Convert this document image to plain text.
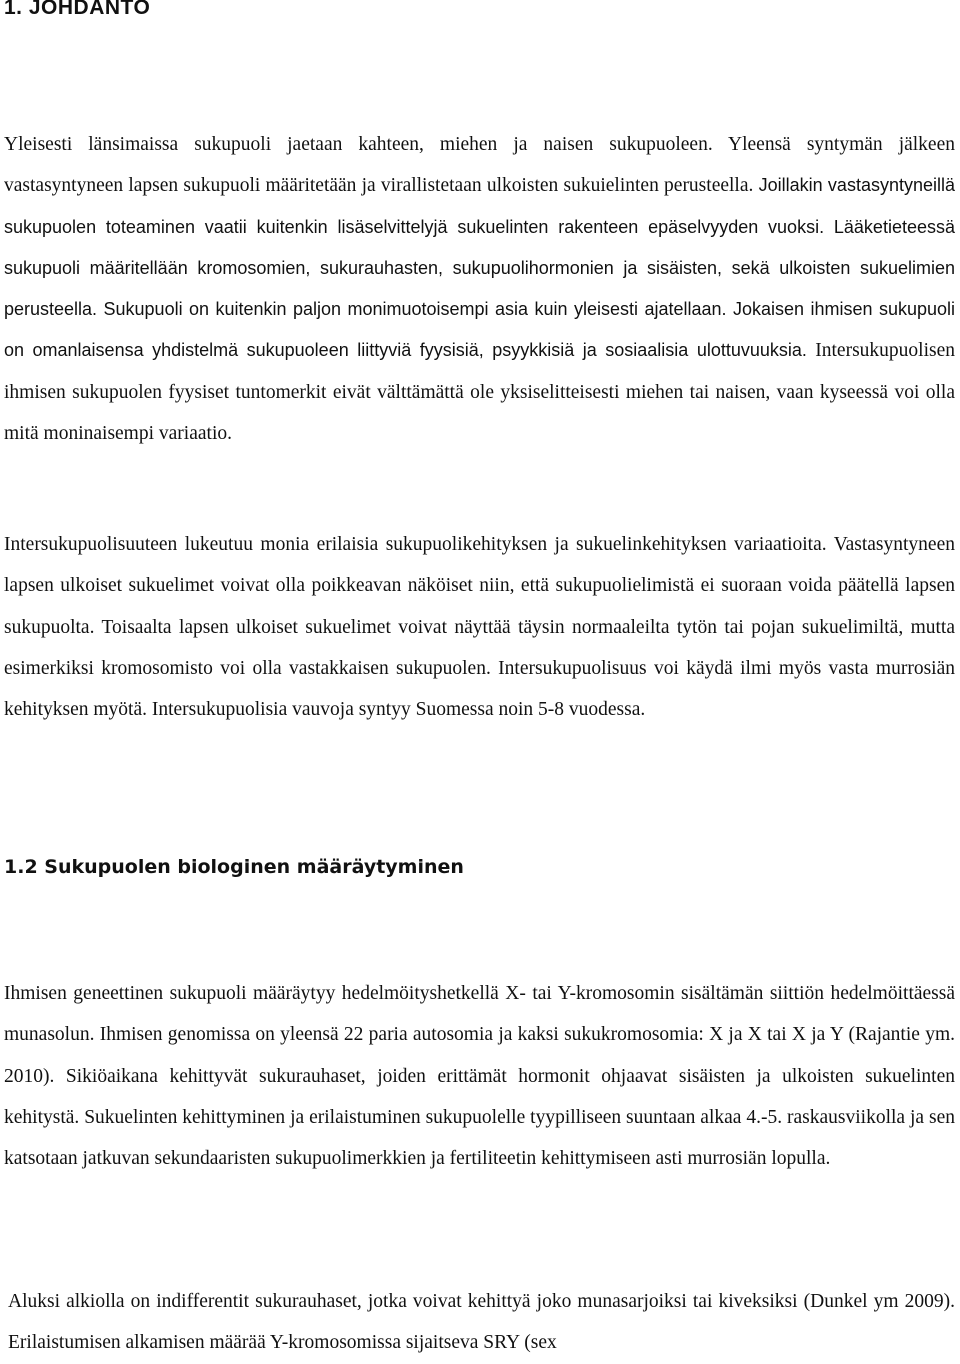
1. JOHDANTO

Yleisesti länsimaissa sukupuoli jaetaan kahteen, miehen ja naisen sukupuoleen. Yleensä syntymän jälkeen vastasyntyneen lapsen sukupuoli määritetään ja virallistetaan ulkoisten sukuielinten perusteella. Joillakin vastasyntyneillä sukupuolen toteaminen vaatii kuitenkin lisäselvittelyjä sukuelinten rakenteen epäselvyyden vuoksi. Lääketieteessä sukupuoli määritellään kromosomien, sukurauhasten, sukupuolihormonien ja sisäisten, sekä ulkoisten sukuelimien perusteella. Sukupuoli on kuitenkin paljon monimuotoisempi asia kuin yleisesti ajatellaan. Jokaisen ihmisen sukupuoli on omanlaisensa yhdistelmä sukupuoleen liittyviä fyysisiä, psyykkisiä ja sosiaalisia ulottuvuuksia. Intersukupuolisen ihmisen sukupuolen fyysiset tuntomerkit eivät välttämättä ole yksiselitteisesti miehen tai naisen, vaan kyseessä voi olla mitä moninaisempi variaatio.

Intersukupuolisuuteen lukeutuu monia erilaisia sukupuolikehityksen ja sukuelinkehityksen variaatioita. Vastasyntyneen lapsen ulkoiset sukuelimet voivat olla poikkeavan näköiset niin, että sukupuolielimistä ei suoraan voida päätellä lapsen sukupuolta. Toisaalta lapsen ulkoiset sukuelimet voivat näyttää täysin normaaleilta tytön tai pojan sukuelimiltä, mutta esimerkiksi kromosomisto voi olla vastakkaisen sukupuolen. Intersukupuolisuus voi käydä ilmi myös vasta murrosiän kehityksen myötä. Intersukupuolisia vauvoja syntyy Suomessa noin 5-8 vuodessa.

1.2 Sukupuolen biologinen määräytyminen

Ihmisen geneettinen sukupuoli määräytyy hedelmöityshetkellä X- tai Y-kromosomin sisältämän siittiön hedelmöittäessä munasolun. Ihmisen genomissa on yleensä 22 paria autosomia ja kaksi sukukromosomia: X ja X tai X ja Y (Rajantie ym. 2010). Sikiöaikana kehittyvät sukurauhaset, joiden erittämät hormonit ohjaavat sisäisten ja ulkoisten sukuelinten kehitystä. Sukuelinten kehittyminen ja erilaistuminen sukupuolelle tyypilliseen suuntaan alkaa 4.-5. raskausviikolla ja sen katsotaan jatkuvan sekundaaristen sukupuolimerkkien ja fertiliteetin kehittymiseen asti murrosiän lopulla.

Aluksi alkiolla on indifferentit sukurauhaset, jotka voivat kehittyä joko munasarjoiksi tai kiveksiksi (Dunkel ym 2009). Erilaistumisen alkamisen määrää Y-kromosomissa sijaitseva SRY (sex
